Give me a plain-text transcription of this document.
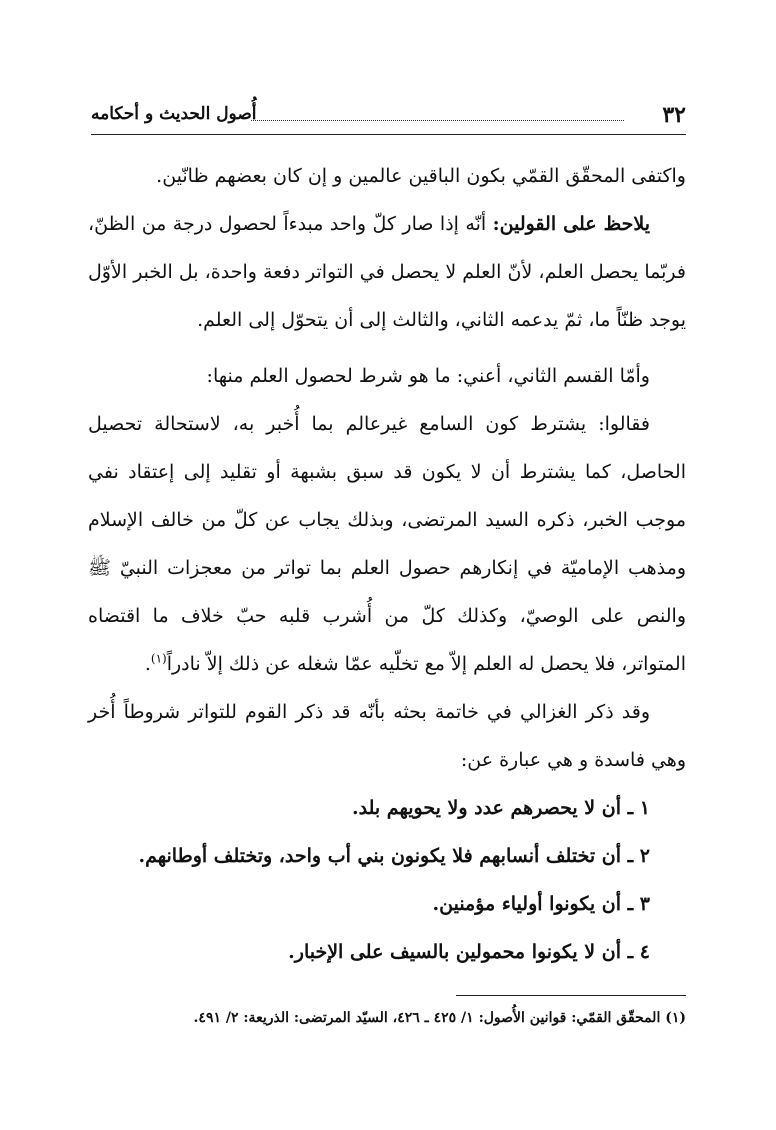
٣٢
أُصول الحديث و أحكامه

واكتفى المحقّق القمّي بكون الباقين عالمين و إن كان بعضهم ظانّين.

يلاحظ على القولين: أنّه إذا صار كلّ واحد مبدءاً لحصول درجة من الظنّ، فربّما يحصل العلم، لأنّ العلم لا يحصل في التواتر دفعة واحدة، بل الخبر الأوّل يوجد ظنّاً ما، ثمّ يدعمه الثاني، والثالث إلى أن يتحوّل إلى العلم.

وأمّا القسم الثاني، أعني: ما هو شرط لحصول العلم منها:

فقالوا: يشترط كون السامع غيرعالم بما أُخبر به، لاستحالة تحصيل الحاصل، كما يشترط أن لا يكون قد سبق بشبهة أو تقليد إلى إعتقاد نفي موجب الخبر، ذكره السيد المرتضى، وبذلك يجاب عن كلّ من خالف الإسلام ومذهب الإماميّة في إنكارهم حصول العلم بما تواتر من معجزات النبيّ ﷺ والنص على الوصيّ، وكذلك كلّ من أُشرب قلبه حبّ خلاف ما اقتضاه المتواتر، فلا يحصل له العلم إلاّ مع تخلّيه عمّا شغله عن ذلك إلاّ نادراً$^{(١)}$.

وقد ذكر الغزالي في خاتمة بحثه بأنّه قد ذكر القوم للتواتر شروطاً أُخر وهي فاسدة و هي عبارة عن:

١ ـ أن لا يحصرهم عدد ولا يحويهم بلد.
٢ ـ أن تختلف أنسابهم فلا يكونون بني أب واحد، وتختلف أوطانهم.
٣ ـ أن يكونوا أولياء مؤمنين.
٤ ـ أن لا يكونوا محمولين بالسيف على الإخبار.
(١) المحقّق القمّي: قوانين الأُصول: ١/ ٤٢٥ ـ ٤٢٦، السيّد المرتضى: الذريعة: ٢/ ٤٩١.
